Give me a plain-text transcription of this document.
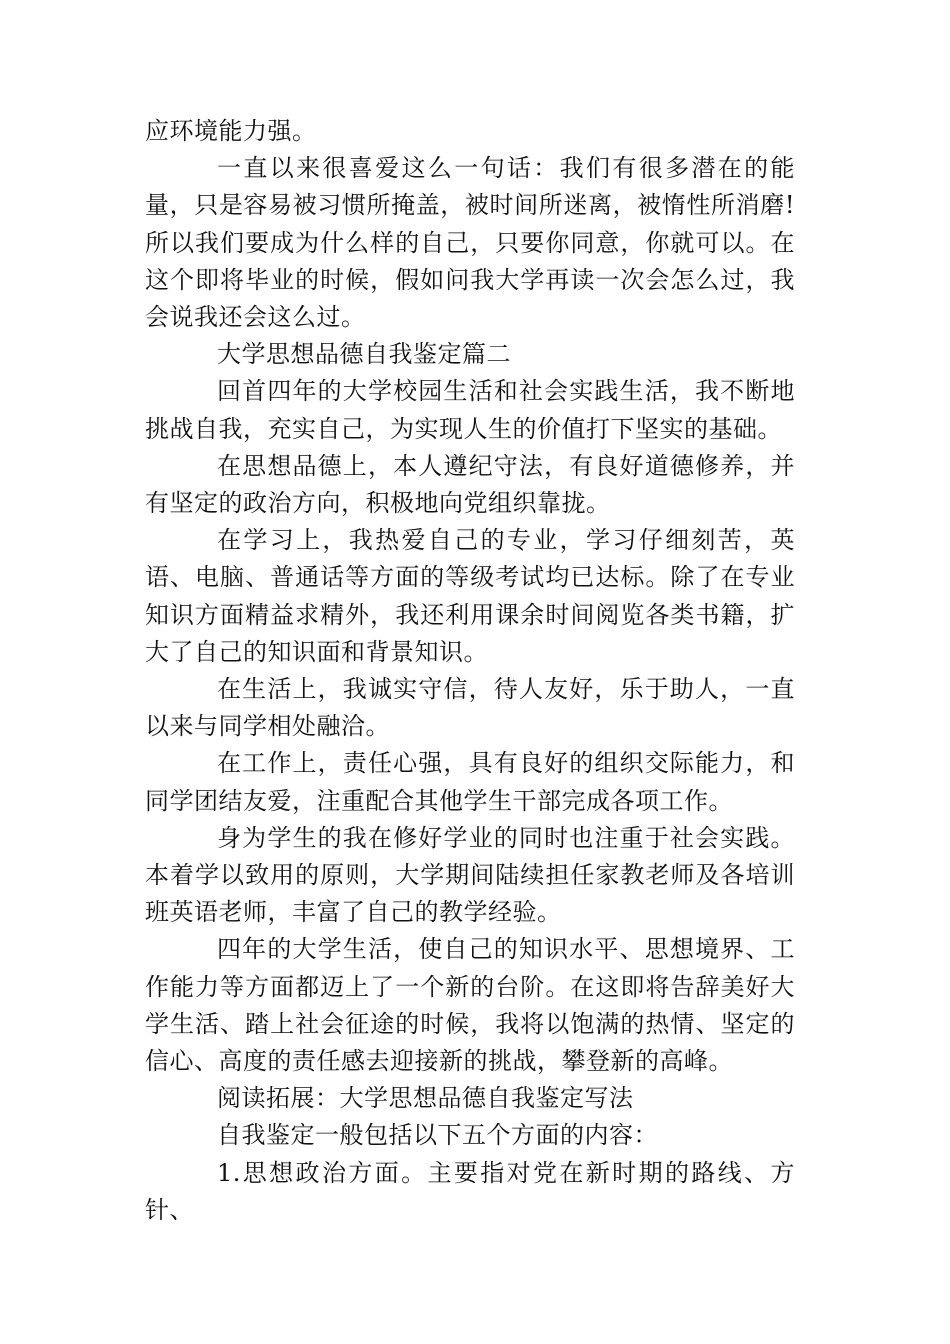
应环境能力强。

一直以来很喜爱这么一句话：我们有很多潜在的能量，只是容易被习惯所掩盖，被时间所迷离，被惰性所消磨!所以我们要成为什么样的自己，只要你同意，你就可以。在这个即将毕业的时候，假如问我大学再读一次会怎么过，我会说我还会这么过。

大学思想品德自我鉴定篇二

回首四年的大学校园生活和社会实践生活，我不断地挑战自我，充实自己，为实现人生的价值打下坚实的基础。

在思想品德上，本人遵纪守法，有良好道德修养，并有坚定的政治方向，积极地向党组织靠拢。

在学习上，我热爱自己的专业，学习仔细刻苦，英语、电脑、普通话等方面的等级考试均已达标。除了在专业知识方面精益求精外，我还利用课余时间阅览各类书籍，扩大了自己的知识面和背景知识。

在生活上，我诚实守信，待人友好，乐于助人，一直以来与同学相处融洽。

在工作上，责任心强，具有良好的组织交际能力，和同学团结友爱，注重配合其他学生干部完成各项工作。

身为学生的我在修好学业的同时也注重于社会实践。本着学以致用的原则，大学期间陆续担任家教老师及各培训班英语老师，丰富了自己的教学经验。

四年的大学生活，使自己的知识水平、思想境界、工作能力等方面都迈上了一个新的台阶。在这即将告辞美好大学生活、踏上社会征途的时候，我将以饱满的热情、坚定的信心、高度的责任感去迎接新的挑战，攀登新的高峰。

阅读拓展：大学思想品德自我鉴定写法

自我鉴定一般包括以下五个方面的内容：

1.思想政治方面。主要指对党在新时期的路线、方针、
